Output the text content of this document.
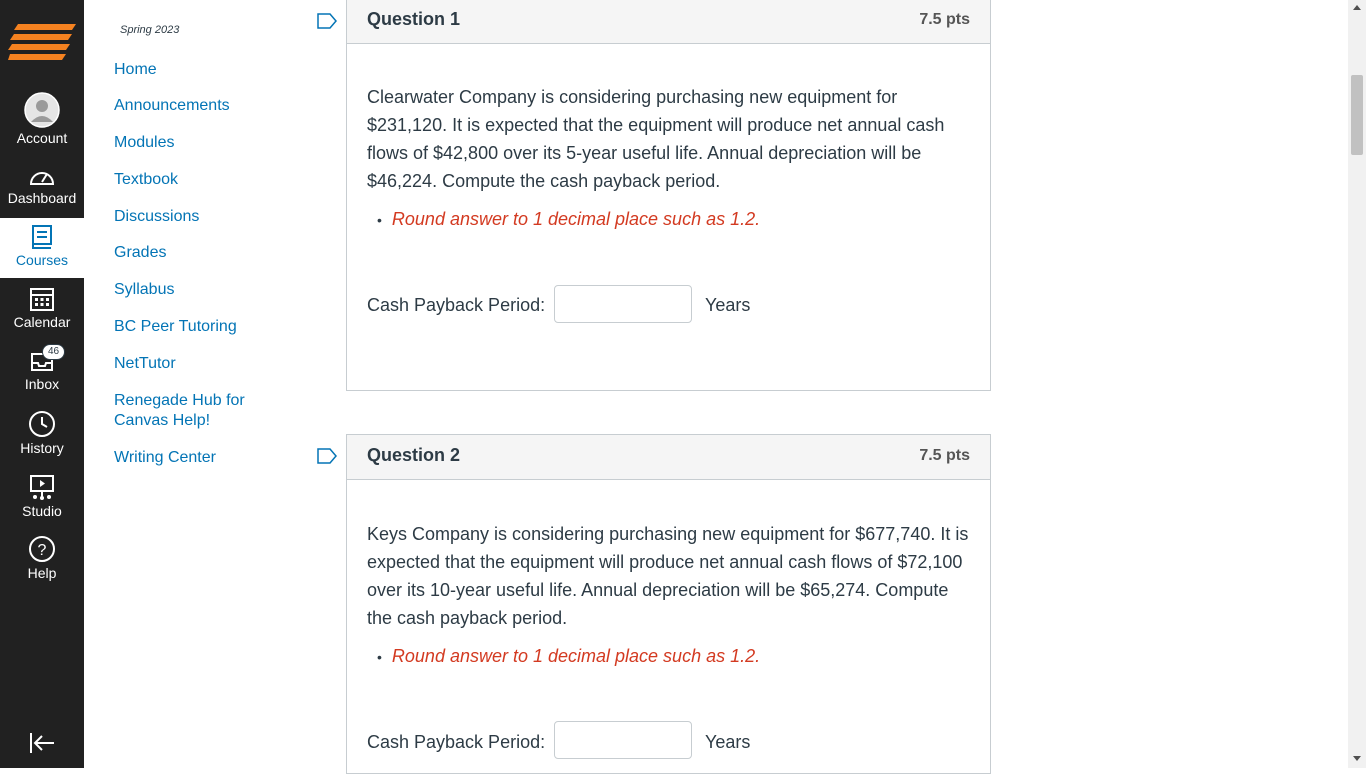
Account
Dashboard
Courses
Calendar
46
Inbox
History
Studio
?
Help
Spring 2023
Home
Announcements
Modules
Textbook
Discussions
Grades
Syllabus
BC Peer Tutoring
NetTutor
Renegade Hub for Canvas Help!
Writing Center
Question 1	7.5 pts
Clearwater Company is considering purchasing new equipment for $231,120. It is expected that the equipment will produce net annual cash flows of $42,800 over its 5-year useful life. Annual depreciation will be $46,224. Compute the cash payback period.
• Round answer to 1 decimal place such as 1.2.
Cash Payback Period:	Years
Question 2	7.5 pts
Keys Company is considering purchasing new equipment for $677,740. It is expected that the equipment will produce net annual cash flows of $72,100 over its 10-year useful life. Annual depreciation will be $65,274. Compute the cash payback period.
• Round answer to 1 decimal place such as 1.2.
Cash Payback Period:	Years
